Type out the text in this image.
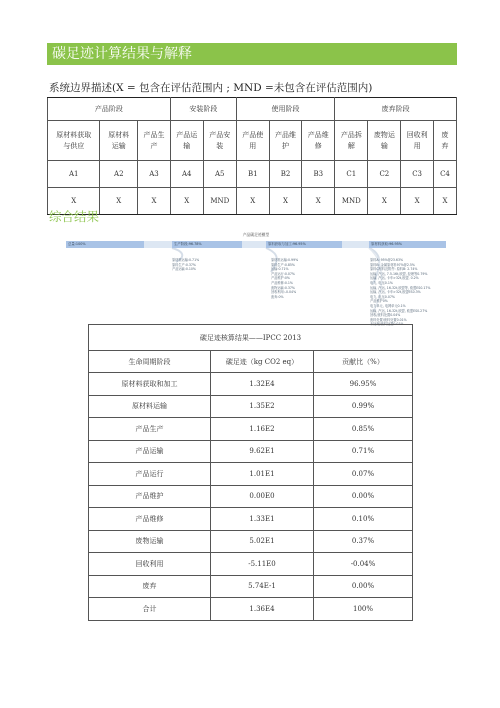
碳足迹计算结果与解释
系统边界描述(X = 包含在评估范围内 ; MND =未包含在评估范围内)
产品阶段			安装阶段		使用阶段			废弃阶段			
原材料获取与供应	原材料运输	产品生产	产品运输	产品安装	产品使用	产品维护	产品维修	产品拆解	废物运输	回收利用	废弃
A1	A2	A3	A4	A5	B1	B2	B3	C1	C2	C3	C4
X	X	X	X	MND	X	X	X	MND	X	X	X
综合结果
产品碳足迹模型
总量:100%	生产阶段:96.78%	原料获取与加工:96.95%	原材料获取:96.95%
原材料运输:0.71%
原料生产:0.37%
产品运输:0.10%
原材料运输:0.99%
原料生产:0.85%
运输:0.71%
产品运行:0.07%
产品维护:0%
产品维修:0.1%
废物运输:0.37%
回收利用:-0.04%
废弃:0%
原料A: 95%@23.63%
原料B: 金属原材料97%@2.5%
原料C材料及附件: 原料B: 2.74%
运输, 汽运, 7.5-16t,欧盟, 经理等0.79%
运输, 汽运, 卡车>32t,欧盟, 0.2%
电力, 电压0.1%
运输, 汽运, 16-32t,欧盟等, 欧盟ES0.17%
运输, 汽运, 卡车>32t,欧盟ES0.3%
电力, 电压0.07%
产品维护0%
电力单元, 电网单元0.1%
运输, 汽运, 16-32t,欧盟, 欧盟ES0.27%
回收/废料处置0.04%
废料处置/废料处置0.01%
未处理/废料处置0.01%
碳足迹核算结果——IPCC 2013		
生命周期阶段	碳足迹（kg CO2 eq）	贡献比（%）
原材料获取和加工	1.32E4	96.95%
原材料运输	1.35E2	0.99%
产品生产	1.16E2	0.85%
产品运输	9.62E1	0.71%
产品运行	1.01E1	0.07%
产品维护	0.00E0	0.00%
产品维修	1.33E1	0.10%
废物运输	5.02E1	0.37%
回收利用	-5.11E0	-0.04%
废弃	5.74E-1	0.00%
合计	1.36E4	100%
